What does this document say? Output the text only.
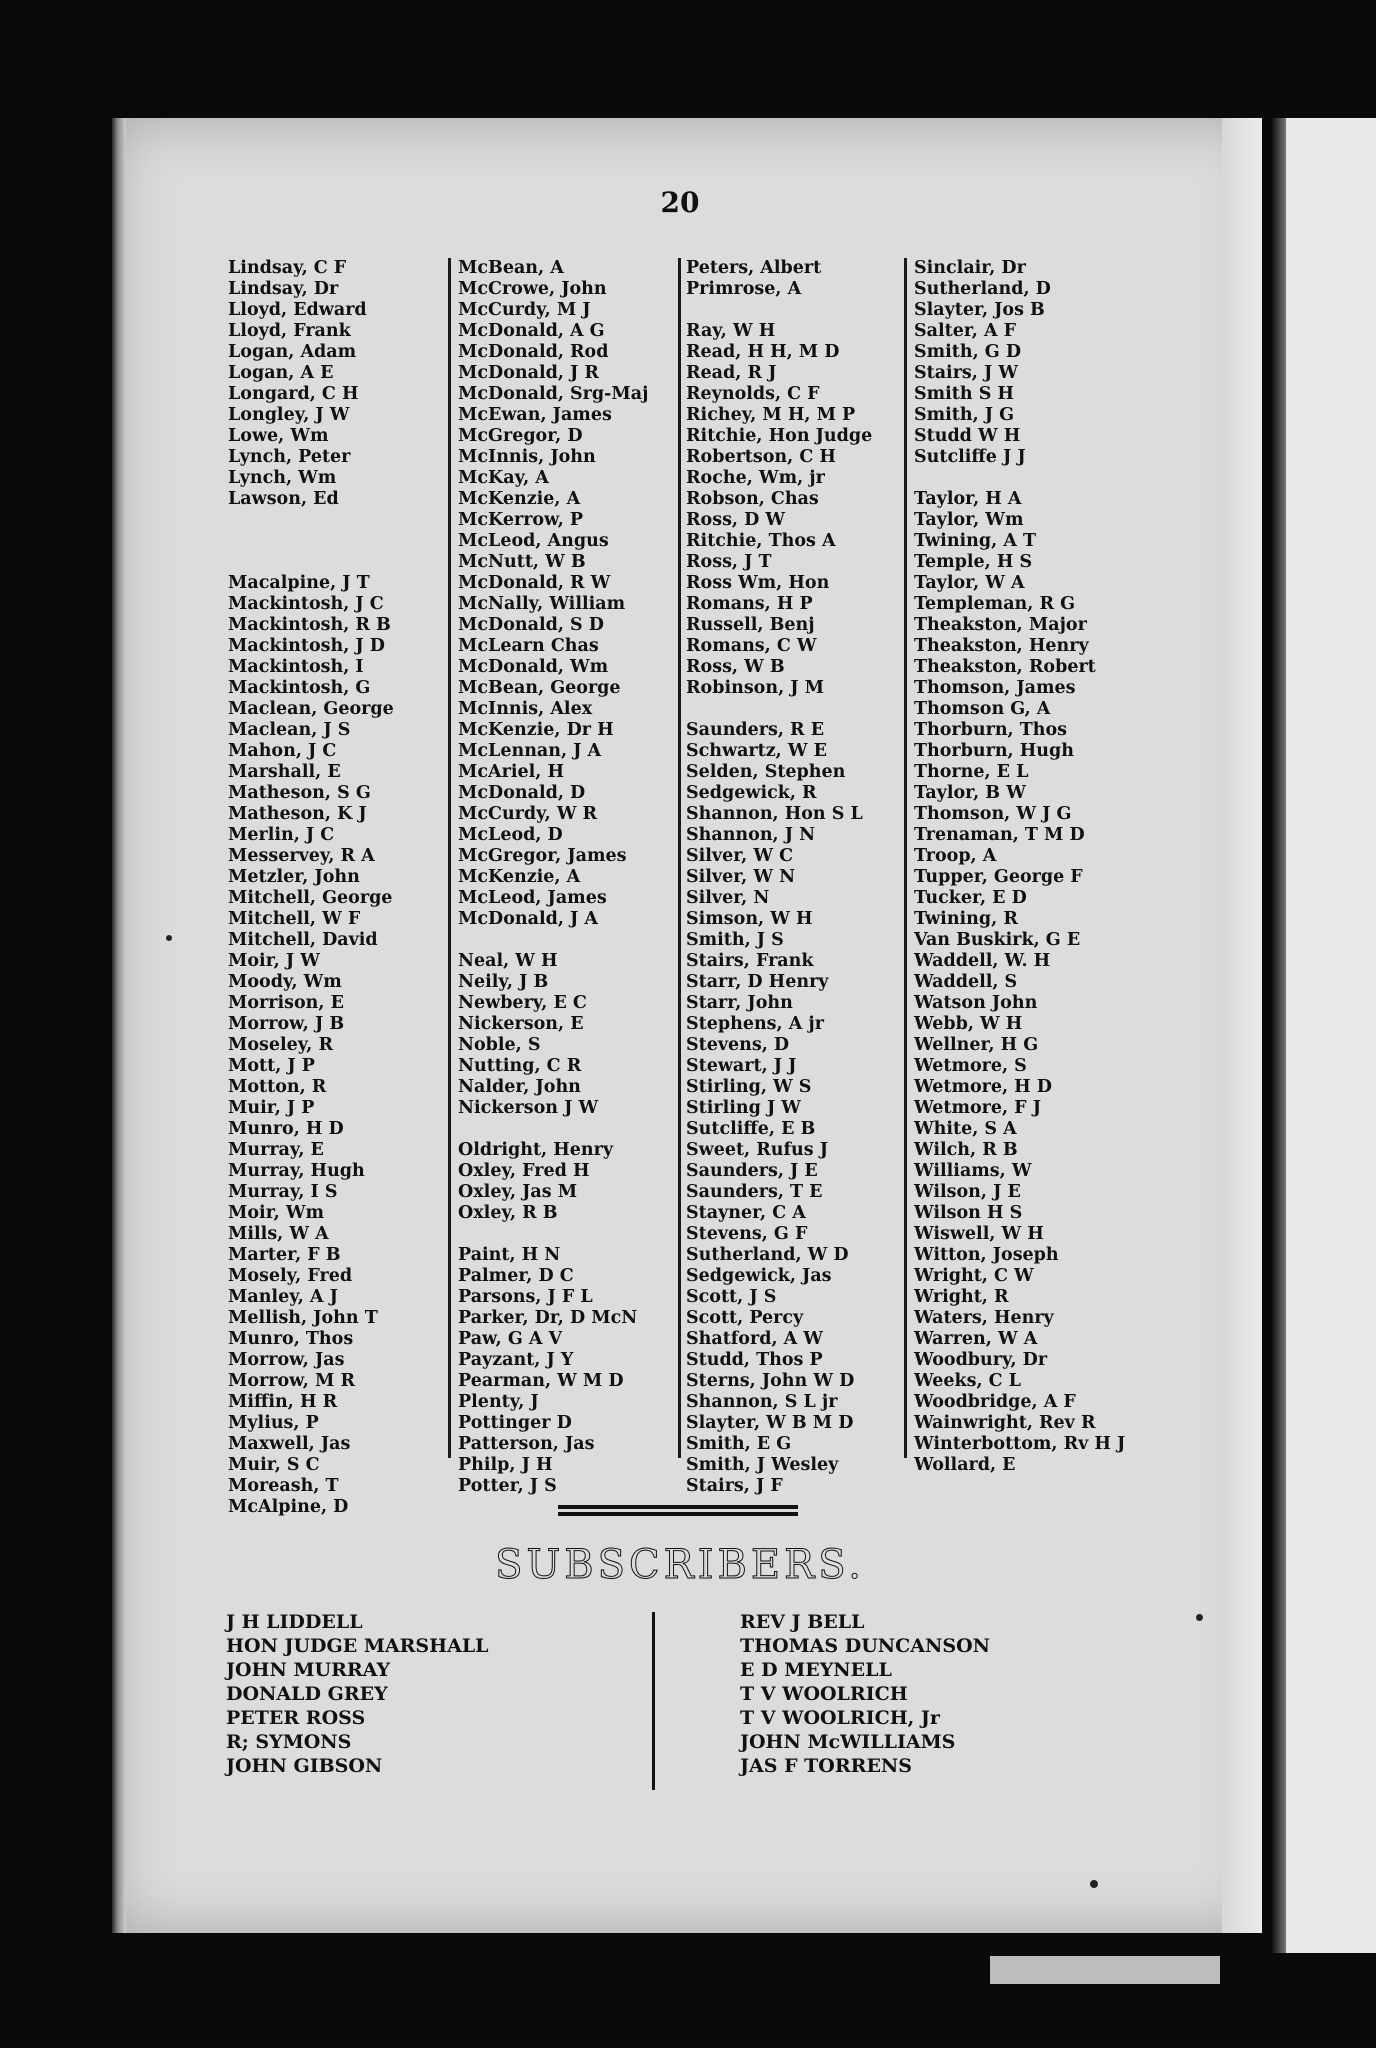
20
Lindsay, C F
Lindsay, Dr
Lloyd, Edward
Lloyd, Frank
Logan, Adam
Logan, A E
Longard, C H
Longley, J W
Lowe, Wm
Lynch, Peter
Lynch, Wm
Lawson, Ed
Macalpine, J T
Mackintosh, J C
Mackintosh, R B
Mackintosh, J D
Mackintosh, I
Mackintosh, G
Maclean, George
Maclean, J S
Mahon, J C
Marshall, E
Matheson, S G
Matheson, K J
Merlin, J C
Messervey, R A
Metzler, John
Mitchell, George
Mitchell, W F
Mitchell, David
Moir, J W
Moody, Wm
Morrison, E
Morrow, J B
Moseley, R
Mott, J P
Motton, R
Muir, J P
Munro, H D
Murray, E
Murray, Hugh
Murray, I S
Moir, Wm
Mills, W A
Marter, F B
Mosely, Fred
Manley, A J
Mellish, John T
Munro, Thos
Morrow, Jas
Morrow, M R
Miffin, H R
Mylius, P
Maxwell, Jas
Muir, S C
Moreash, T
McAlpine, D
McBean, A
McCrowe, John
McCurdy, M J
McDonald, A G
McDonald, Rod
McDonald, J R
McDonald, Srg-Maj
McEwan, James
McGregor, D
McInnis, John
McKay, A
McKenzie, A
McKerrow, P
McLeod, Angus
McNutt, W B
McDonald, R W
McNally, William
McDonald, S D
McLearn Chas
McDonald, Wm
McBean, George
McInnis, Alex
McKenzie, Dr H
McLennan, J A
McAriel, H
McDonald, D
McCurdy, W R
McLeod, D
McGregor, James
McKenzie, A
McLeod, James
McDonald, J A
Neal, W H
Neily, J B
Newbery, E C
Nickerson, E
Noble, S
Nutting, C R
Nalder, John
Nickerson J W
Oldright, Henry
Oxley, Fred H
Oxley, Jas M
Oxley, R B
Paint, H N
Palmer, D C
Parsons, J F L
Parker, Dr, D McN
Paw, G A V
Payzant, J Y
Pearman, W M D
Plenty, J
Pottinger D
Patterson, Jas
Philp, J H
Potter, J S
Peters, Albert
Primrose, A
Ray, W H
Read, H H, M D
Read, R J
Reynolds, C F
Richey, M H, M P
Ritchie, Hon Judge
Robertson, C H
Roche, Wm, jr
Robson, Chas
Ross, D W
Ritchie, Thos A
Ross, J T
Ross Wm, Hon
Romans, H P
Russell, Benj
Romans, C W
Ross, W B
Robinson, J M
Saunders, R E
Schwartz, W E
Selden, Stephen
Sedgewick, R
Shannon, Hon S L
Shannon, J N
Silver, W C
Silver, W N
Silver, N
Simson, W H
Smith, J S
Stairs, Frank
Starr, D Henry
Starr, John
Stephens, A jr
Stevens, D
Stewart, J J
Stirling, W S
Stirling J W
Sutcliffe, E B
Sweet, Rufus J
Saunders, J E
Saunders, T E
Stayner, C A
Stevens, G F
Sutherland, W D
Sedgewick, Jas
Scott, J S
Scott, Percy
Shatford, A W
Studd, Thos P
Sterns, John W D
Shannon, S L jr
Slayter, W B M D
Smith, E G
Smith, J Wesley
Stairs, J F
Sinclair, Dr
Sutherland, D
Slayter, Jos B
Salter, A F
Smith, G D
Stairs, J W
Smith S H
Smith, J G
Studd W H
Sutcliffe J J
Taylor, H A
Taylor, Wm
Twining, A T
Temple, H S
Taylor, W A
Templeman, R G
Theakston, Major
Theakston, Henry
Theakston, Robert
Thomson, James
Thomson G, A
Thorburn, Thos
Thorburn, Hugh
Thorne, E L
Taylor, B W
Thomson, W J G
Trenaman, T M D
Troop, A
Tupper, George F
Tucker, E D
Twining, R
Van Buskirk, G E
Waddell, W. H
Waddell, S
Watson John
Webb, W H
Wellner, H G
Wetmore, S
Wetmore, H D
Wetmore, F J
White, S A
Wilch, R B
Williams, W
Wilson, J E
Wilson H S
Wiswell, W H
Witton, Joseph
Wright, C W
Wright, R
Waters, Henry
Warren, W A
Woodbury, Dr
Weeks, C L
Woodbridge, A F
Wainwright, Rev R
Winterbottom, Rv H J
Wollard, E
SUBSCRIBERS.
J H LIDDELL
HON JUDGE MARSHALL
JOHN MURRAY
DONALD GREY
PETER ROSS
R; SYMONS
JOHN GIBSON
REV J BELL
THOMAS DUNCANSON
E D MEYNELL
T V WOOLRICH
T V WOOLRICH, Jr
JOHN McWILLIAMS
JAS F TORRENS
